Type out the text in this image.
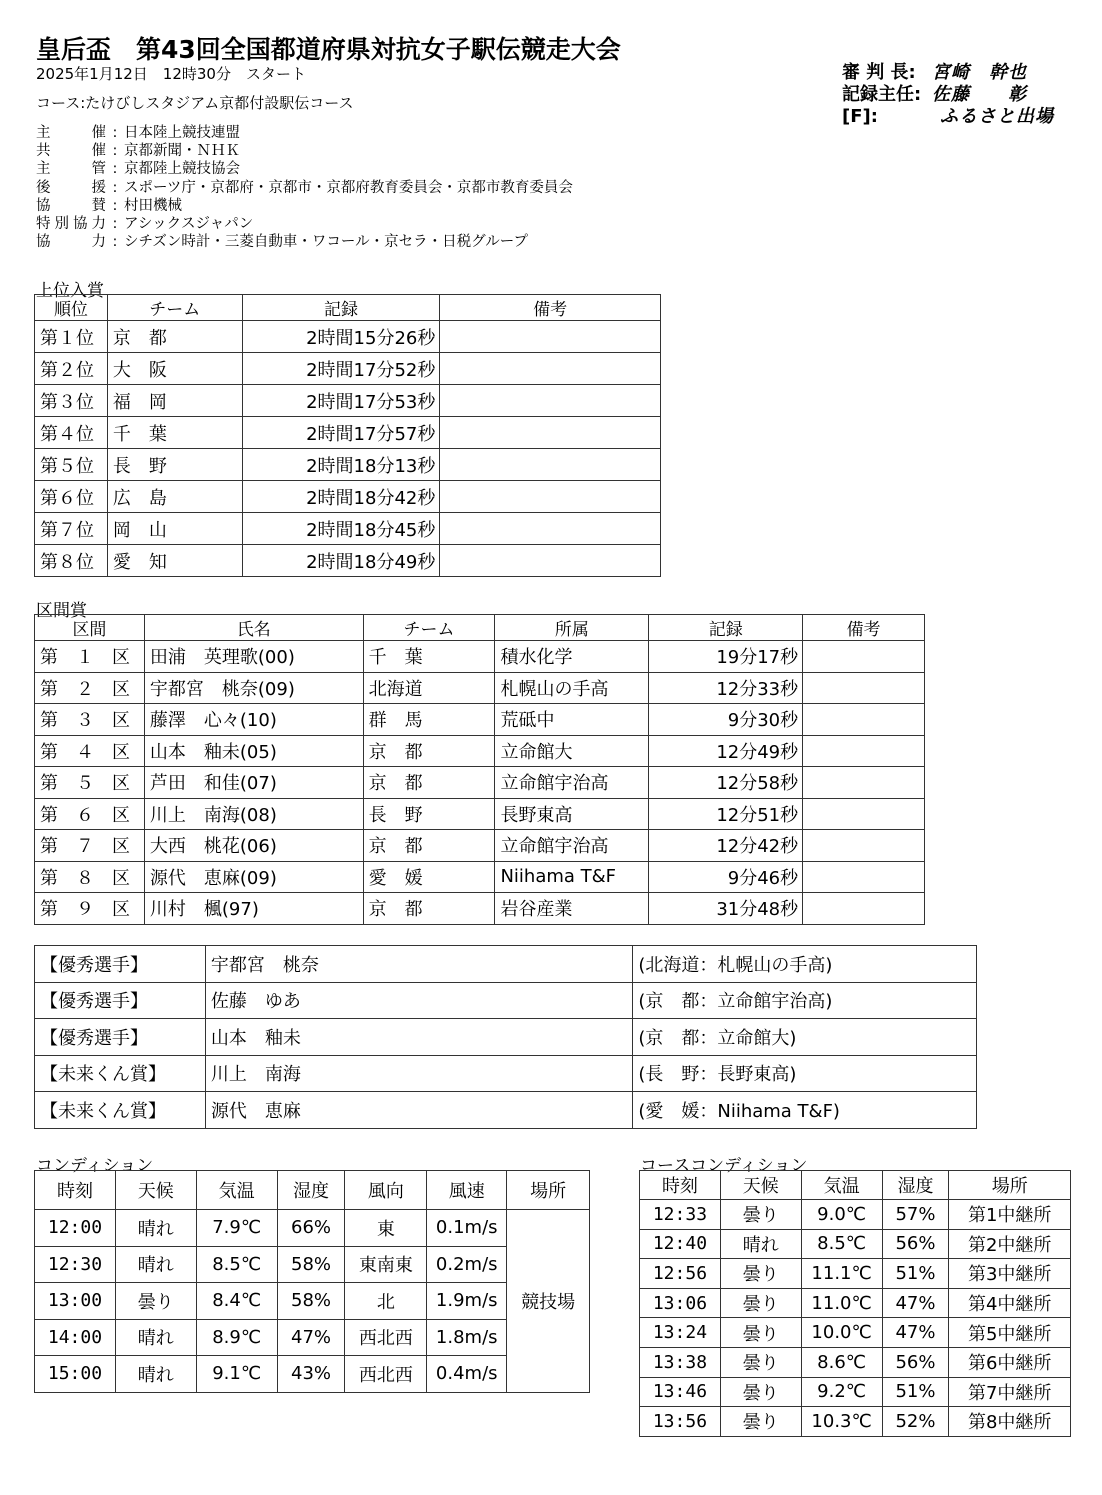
皇后盃　第43回全国都道府県対抗女子駅伝競走大会
2025年1月12日　12時30分　スタート
コース:たけびしスタジアム京都付設駅伝コース
審 判 長: 宮崎　幹也
記録主任: 佐藤　　彰
[F]:	ふるさと出場
主　催 : 日本陸上競技連盟
共　催 : 京都新聞・ＮＨＫ
主　管 : 京都陸上競技協会
後　援 : スポーツ庁・京都府・京都市・京都府教育委員会・京都市教育委員会
協　賛 : 村田機械
特別協力 : アシックスジャパン
協　力 : シチズン時計・三菱自動車・ワコール・京セラ・日税グループ
上位入賞
順位	チーム	記録	備考
第１位	京　都	2時間15分26秒	
第２位	大　阪	2時間17分52秒	
第３位	福　岡	2時間17分53秒	
第４位	千　葉	2時間17分57秒	
第５位	長　野	2時間18分13秒	
第６位	広　島	2時間18分42秒	
第７位	岡　山	2時間18分45秒	
第８位	愛　知	2時間18分49秒	
区間賞
区間	氏名	チーム	所属	記録	備考
第　１　区	田浦　英理歌(00)	千　葉	積水化学	19分17秒	
第　２　区	宇都宮　桃奈(09)	北海道	札幌山の手高	12分33秒	
第　３　区	藤澤　心々(10)	群　馬	荒砥中	9分30秒	
第　４　区	山本　釉未(05)	京　都	立命館大	12分49秒	
第　５　区	芦田　和佳(07)	京　都	立命館宇治高	12分58秒	
第　６　区	川上　南海(08)	長　野	長野東高	12分51秒	
第　７　区	大西　桃花(06)	京　都	立命館宇治高	12分42秒	
第　８　区	源代　恵麻(09)	愛　媛	Niihama T&F	9分46秒	
第　９　区	川村　楓(97)	京　都	岩谷産業	31分48秒	
【優秀選手】	宇都宮　桃奈	(北海道：札幌山の手高)
【優秀選手】	佐藤　ゆあ	(京　都：立命館宇治高)
【優秀選手】	山本　釉未	(京　都：立命館大)
【未来くん賞】	川上　南海	(長　野：長野東高)
【未来くん賞】	源代　恵麻	(愛　媛：Niihama T&F)
コンディション
時刻	天候	気温	湿度	風向	風速	場所
12:00	晴れ	7.9℃	66%	東	0.1m/s	競技場
12:30	晴れ	8.5℃	58%	東南東	0.2m/s	
13:00	曇り	8.4℃	58%	北	1.9m/s	
14:00	晴れ	8.9℃	47%	西北西	1.8m/s	
15:00	晴れ	9.1℃	43%	西北西	0.4m/s	
コースコンディション
時刻	天候	気温	湿度	場所
12:33	曇り	9.0℃	57%	第1中継所
12:40	晴れ	8.5℃	56%	第2中継所
12:56	曇り	11.1℃	51%	第3中継所
13:06	曇り	11.0℃	47%	第4中継所
13:24	曇り	10.0℃	47%	第5中継所
13:38	曇り	8.6℃	56%	第6中継所
13:46	曇り	9.2℃	51%	第7中継所
13:56	曇り	10.3℃	52%	第8中継所
